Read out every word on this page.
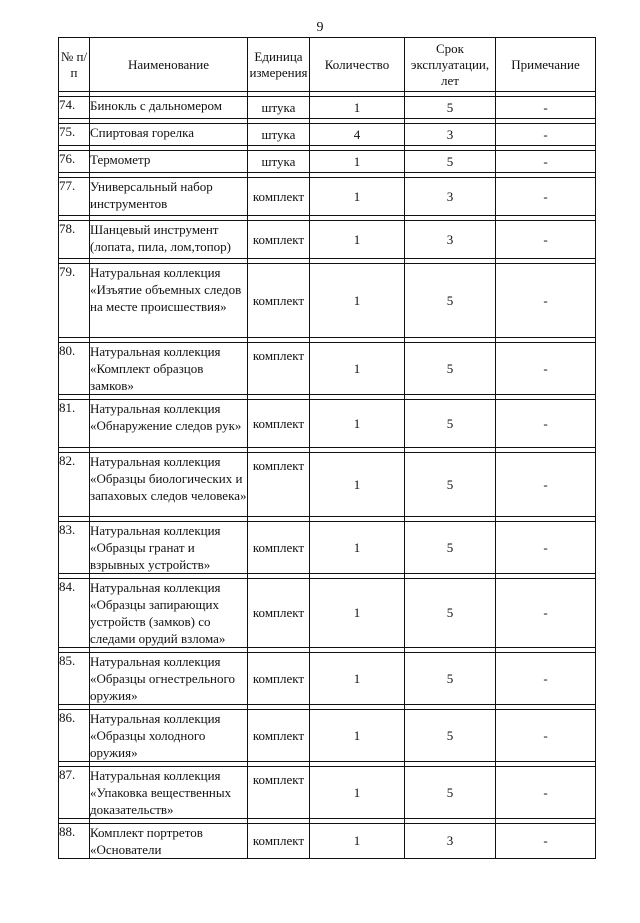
9
№ п/п	Наименование	Единица измерения	Количество	Срок эксплуатации, лет	Примечание

74.	Бинокль с дальномером	штука	1	5	-

75.	Спиртовая горелка	штука	4	3	-

76.	Термометр	штука	1	5	-

77.	Универсальный набор инструментов	комплект	1	3	-

78.	Шанцевый инструмент (лопата, пила, лом,топор)	комплект	1	3	-

79.	Натуральная коллекция «Изъятие объемных следов на месте происшествия»	комплект	1	5	-

80.	Натуральная коллекция «Комплект образцов замков»	комплект	1	5	-

81.	Натуральная коллекция «Обнаружение следов рук»	комплект	1	5	-

82.	Натуральная коллекция «Образцы биологических и запаховых следов человека»	комплект	1	5	-

83.	Натуральная коллекция «Образцы гранат и взрывных устройств»	комплект	1	5	-

84.	Натуральная коллекция «Образцы запирающих устройств (замков) со следами орудий взлома»	комплект	1	5	-

85.	Натуральная коллекция «Образцы огнестрельного оружия»	комплект	1	5	-

86.	Натуральная коллекция «Образцы холодного оружия»	комплект	1	5	-

87.	Натуральная коллекция «Упаковка вещественных доказательств»	комплект	1	5	-

88.	Комплект портретов «Основатели	комплект	1	3	-
